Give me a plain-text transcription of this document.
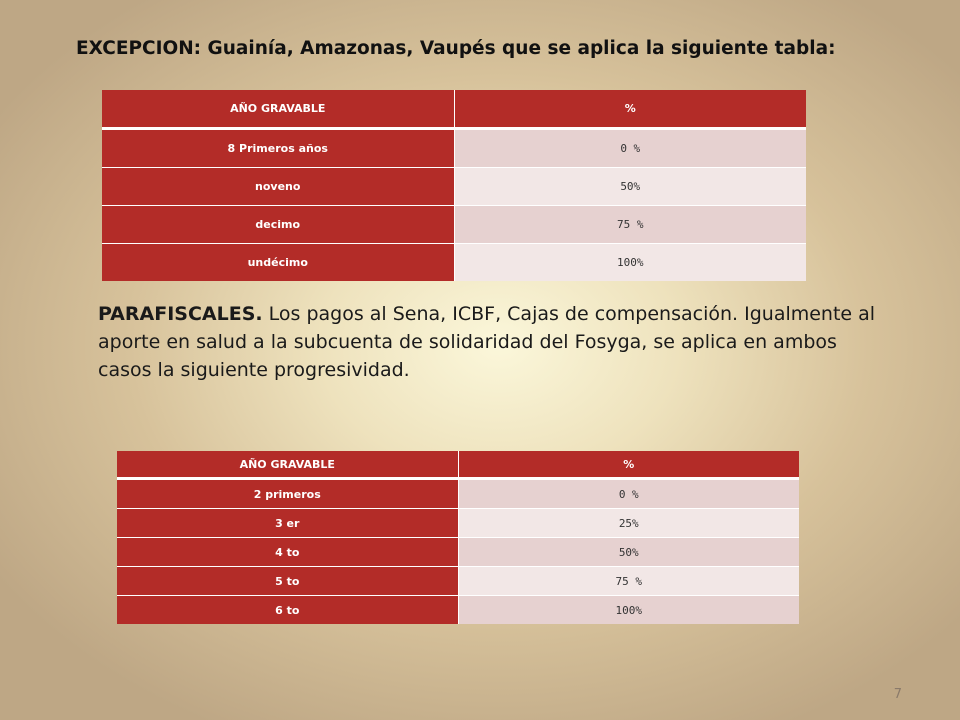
EXCEPCION: Guainía, Amazonas, Vaupés que se aplica la siguiente tabla:
AÑO GRAVABLE	%
8 Primeros años	0 %
noveno	50%
decimo	75 %
undécimo	100%
PARAFISCALES. Los pagos al Sena, ICBF, Cajas de compensación. Igualmente al aporte en salud a la subcuenta de solidaridad del Fosyga, se aplica en ambos casos la siguiente progresividad.
AÑO GRAVABLE	%
2 primeros	0 %
3 er	25%
4 to	50%
5 to	75 %
6 to	100%
7
